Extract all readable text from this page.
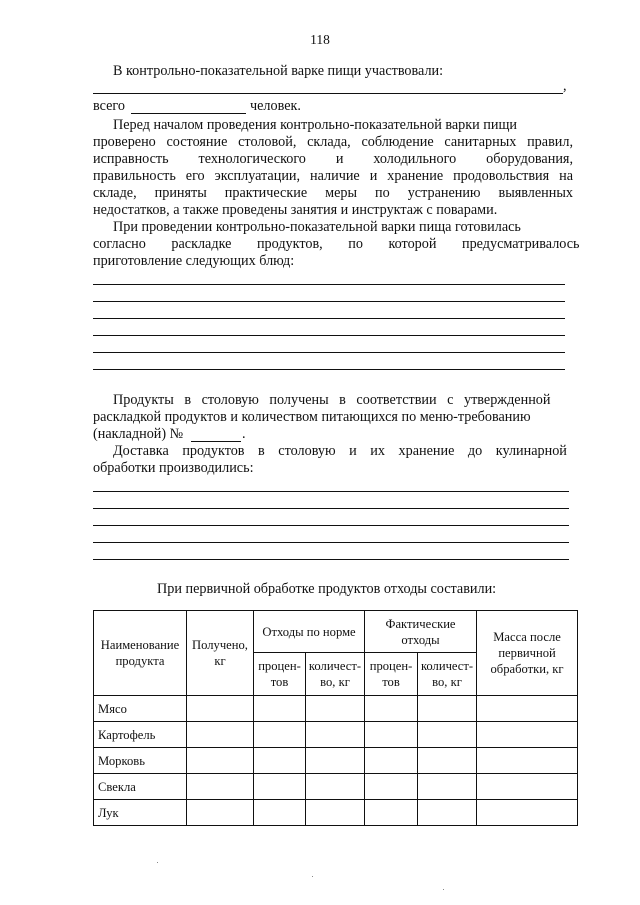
118
В контрольно-показательной варке пищи участвовали:
,
всего	человек.
Перед началом проведения контрольно-показательной варки пищи
проверено состояние столовой, склада, соблюдение санитарных правил,
исправность технологического и холодильного оборудования,
правильность его эксплуатации, наличие и хранение продовольствия на
складе, приняты практические меры по устранению выявленных
недостатков, а также проведены занятия и инструктаж с поварами.
При проведении контрольно-показательной варки пища готовилась
согласно раскладке продуктов, по которой предусматривалось
приготовление следующих блюд:
Продукты в столовую получены в соответствии с утвержденной
раскладкой продуктов и количеством питающихся по меню-требованию
(накладной) №	.
Доставка продуктов в столовую и их хранение до кулинарной
обработки производились:
При первичной обработке продуктов отходы составили:
Наименование продукта	Получено, кг	Отходы по норме		Фактические отходы		Масса после первичной обработки, кг
		процен-тов	количест-во, кг	процен-тов	количест-во, кг	
Мясо						
Картофель						
Морковь						
Свекла						
Лук						
